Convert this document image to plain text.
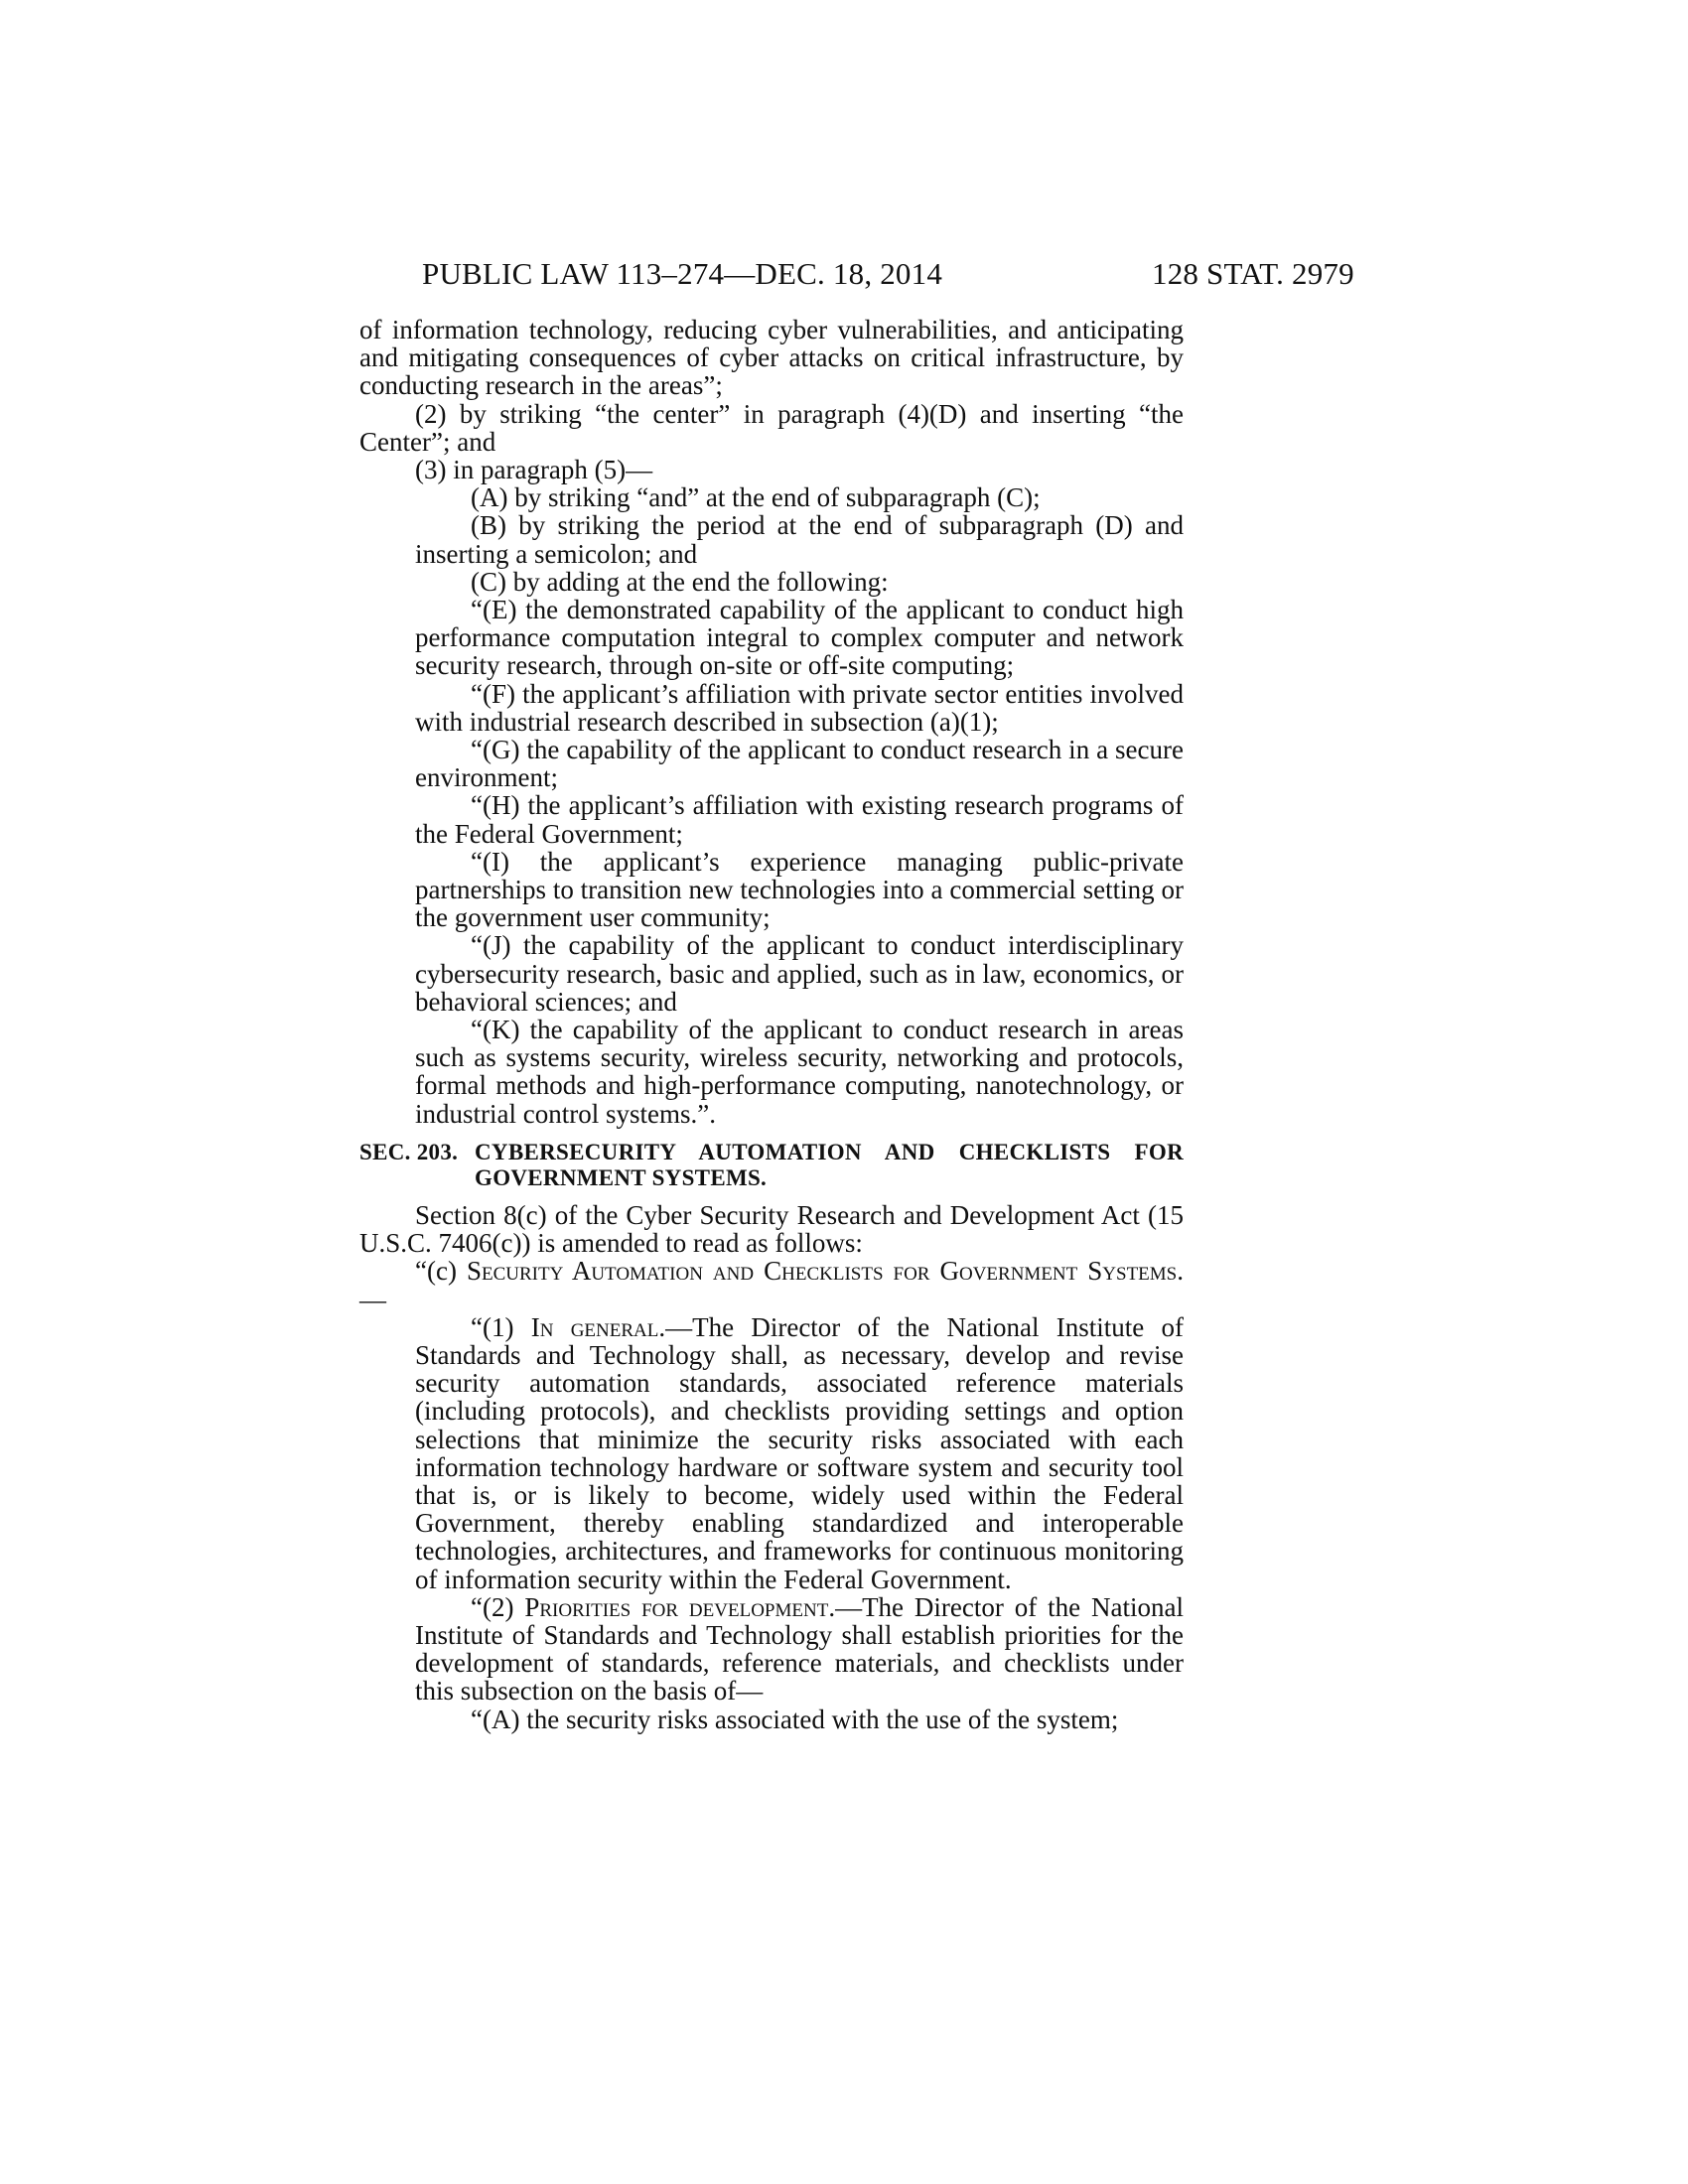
PUBLIC LAW 113–274—DEC. 18, 2014	128 STAT. 2979

of information technology, reducing cyber vulnerabilities, and anticipating and mitigating consequences of cyber attacks on critical infrastructure, by conducting research in the areas”;

(2) by striking “the center” in paragraph (4)(D) and inserting “the Center”; and

(3) in paragraph (5)—

(A) by striking “and” at the end of subparagraph (C);

(B) by striking the period at the end of subparagraph (D) and inserting a semicolon; and

(C) by adding at the end the following:

“(E) the demonstrated capability of the applicant to conduct high performance computation integral to complex computer and network security research, through on-site or off-site computing;

“(F) the applicant’s affiliation with private sector entities involved with industrial research described in subsection (a)(1);

“(G) the capability of the applicant to conduct research in a secure environment;

“(H) the applicant’s affiliation with existing research programs of the Federal Government;

“(I) the applicant’s experience managing public-private partnerships to transition new technologies into a commercial setting or the government user community;

“(J) the capability of the applicant to conduct interdisciplinary cybersecurity research, basic and applied, such as in law, economics, or behavioral sciences; and

“(K) the capability of the applicant to conduct research in areas such as systems security, wireless security, networking and protocols, formal methods and high-performance computing, nanotechnology, or industrial control systems.”.

SEC. 203. CYBERSECURITY AUTOMATION AND CHECKLISTS FOR GOVERNMENT SYSTEMS.

Section 8(c) of the Cyber Security Research and Development Act (15 U.S.C. 7406(c)) is amended to read as follows:

“(c) Security Automation and Checklists for Government Systems.—

“(1) In general.—The Director of the National Institute of Standards and Technology shall, as necessary, develop and revise security automation standards, associated reference materials (including protocols), and checklists providing settings and option selections that minimize the security risks associated with each information technology hardware or software system and security tool that is, or is likely to become, widely used within the Federal Government, thereby enabling standardized and interoperable technologies, architectures, and frameworks for continuous monitoring of information security within the Federal Government.

“(2) Priorities for development.—The Director of the National Institute of Standards and Technology shall establish priorities for the development of standards, reference materials, and checklists under this subsection on the basis of—

“(A) the security risks associated with the use of the system;
